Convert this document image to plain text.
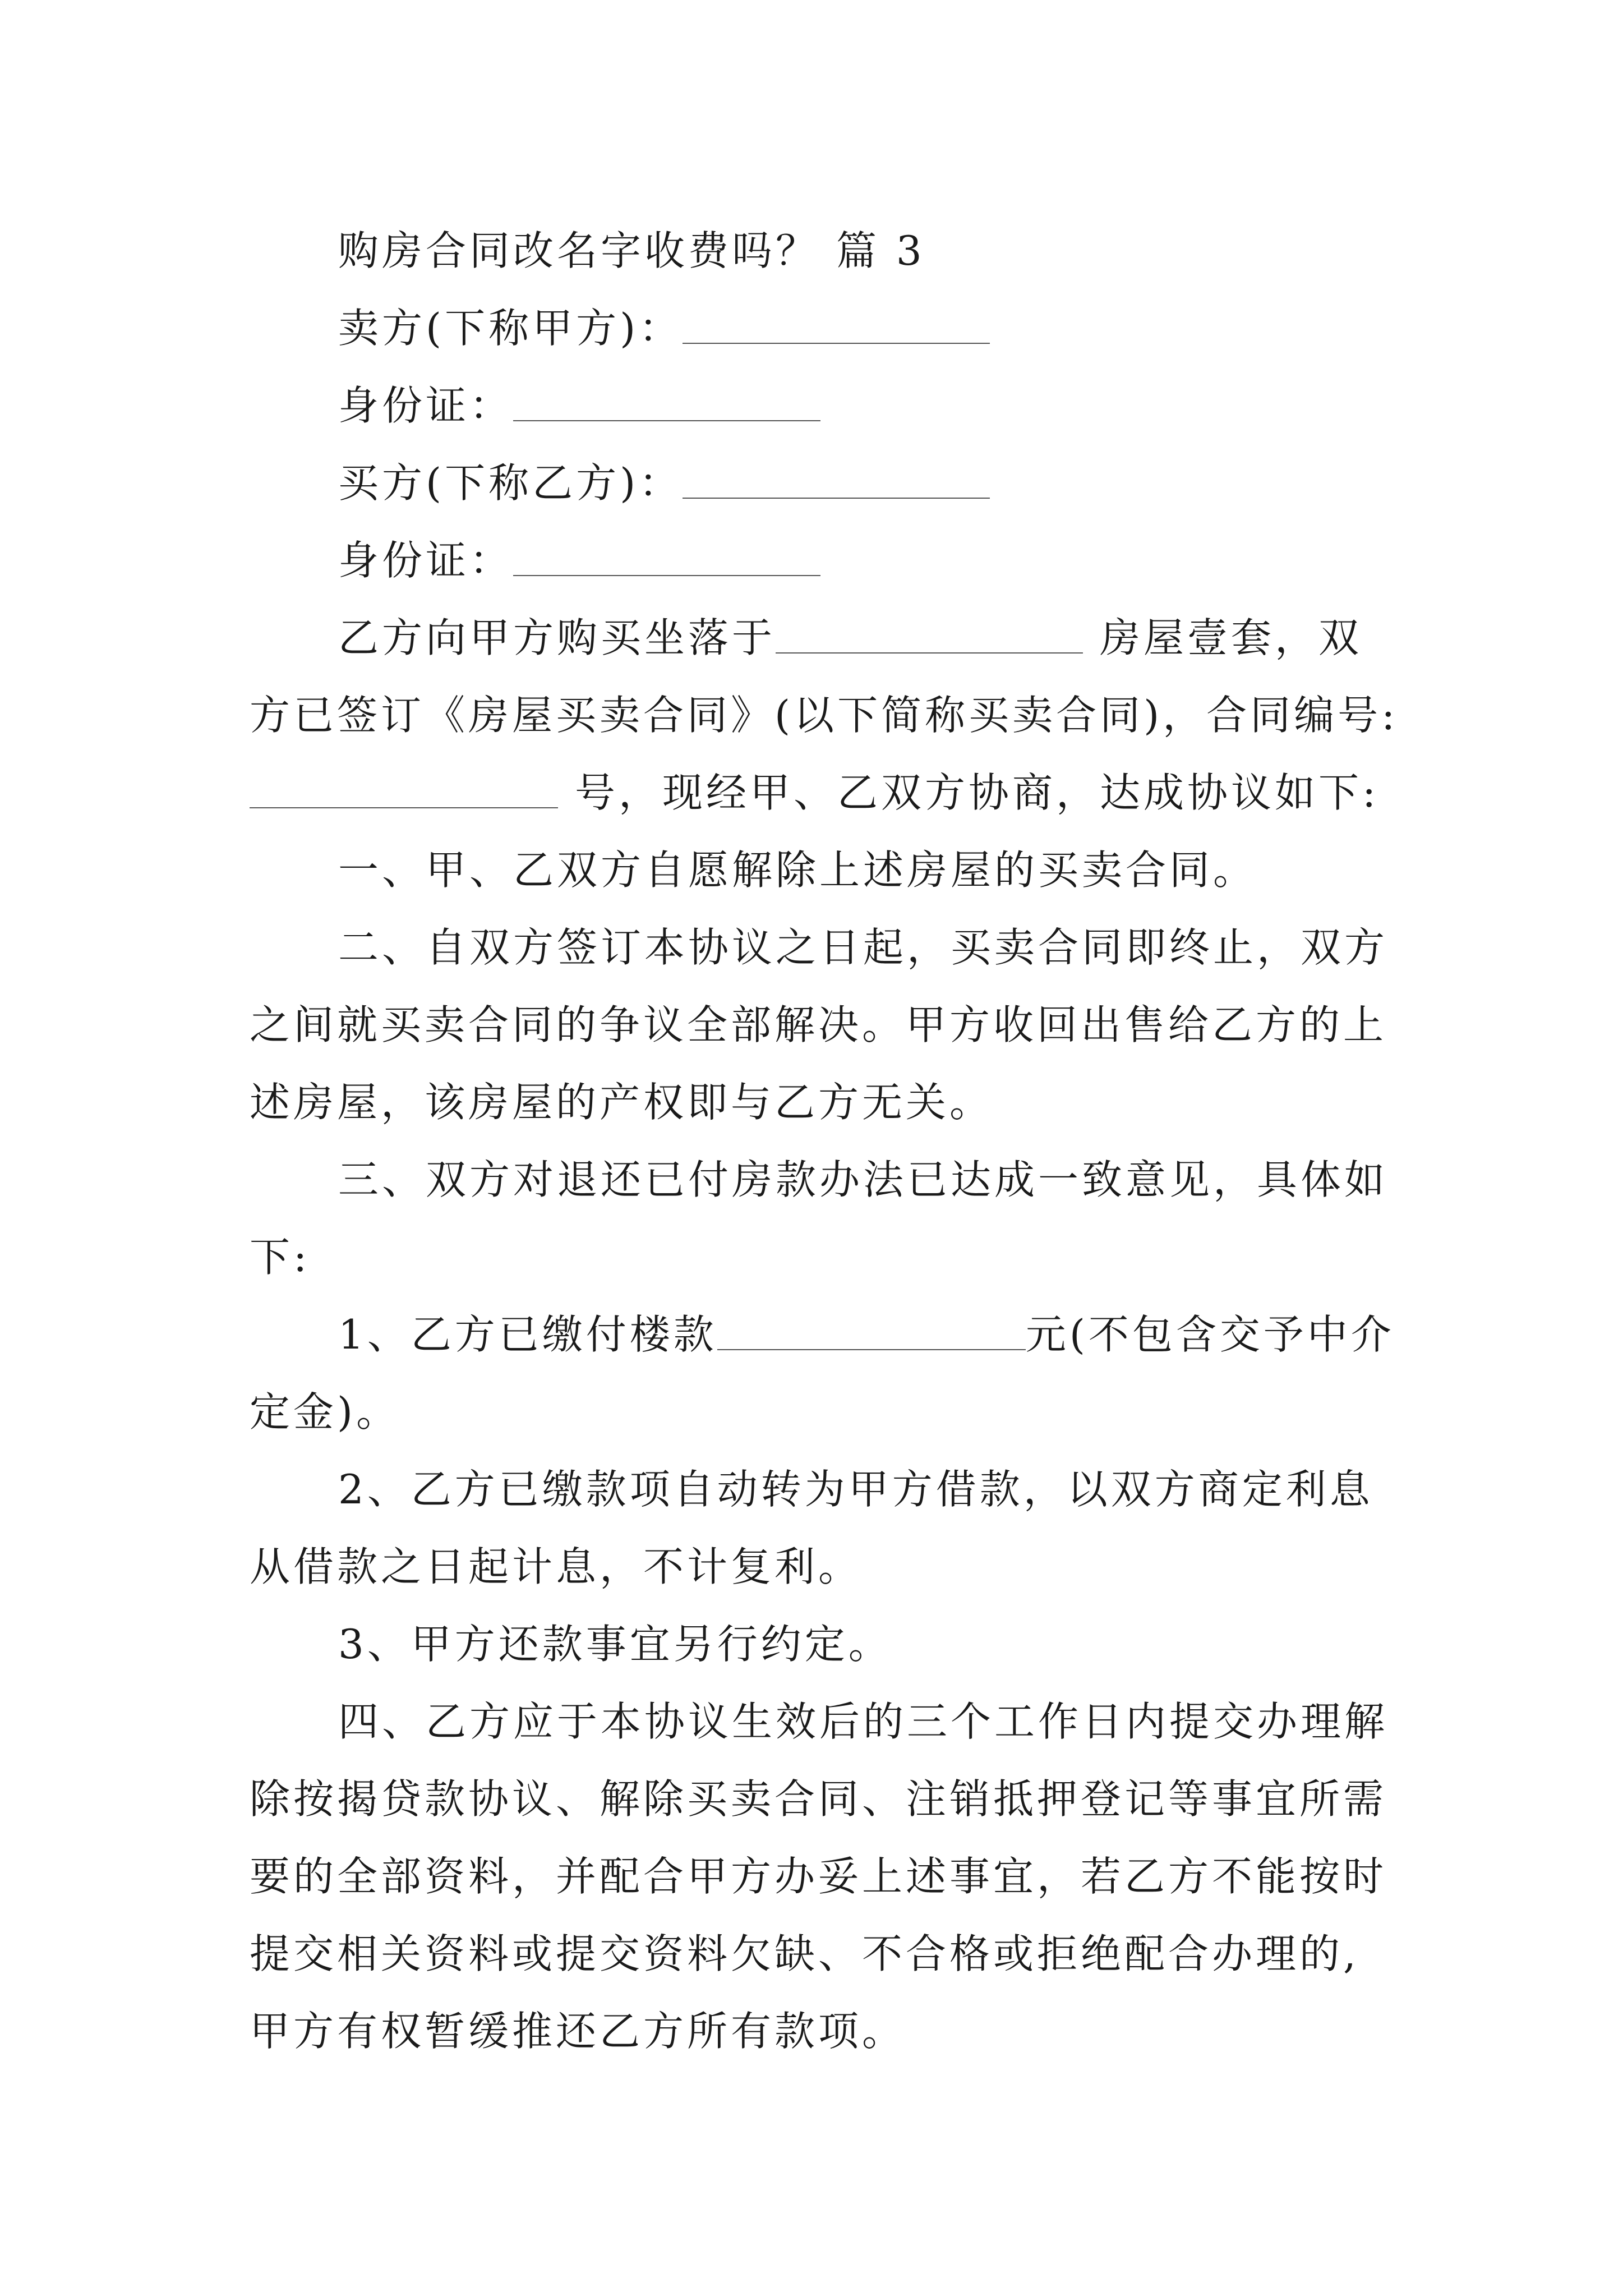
购房合同改名字收费吗？ 篇 3
卖方(下称甲方)：
身份证：
买方(下称乙方)：
身份证：
乙方向甲方购买坐落于	房屋壹套，双
方已签订《房屋买卖合同》(以下简称买卖合同)，合同编号:
号，现经甲、乙双方协商，达成协议如下:
一、甲、乙双方自愿解除上述房屋的买卖合同。
二、自双方签订本协议之日起，买卖合同即终止，双方
之间就买卖合同的争议全部解决。甲方收回出售给乙方的上
述房屋，该房屋的产权即与乙方无关。
三、双方对退还已付房款办法已达成一致意见，具体如
下:
1、乙方已缴付楼款	元(不包含交予中介
定金)。
2、乙方已缴款项自动转为甲方借款，以双方商定利息
从借款之日起计息，不计复利。
3、甲方还款事宜另行约定。
四、乙方应于本协议生效后的三个工作日内提交办理解
除按揭贷款协议、解除买卖合同、注销抵押登记等事宜所需
要的全部资料，并配合甲方办妥上述事宜，若乙方不能按时
提交相关资料或提交资料欠缺、不合格或拒绝配合办理的,
甲方有权暂缓推还乙方所有款项。
